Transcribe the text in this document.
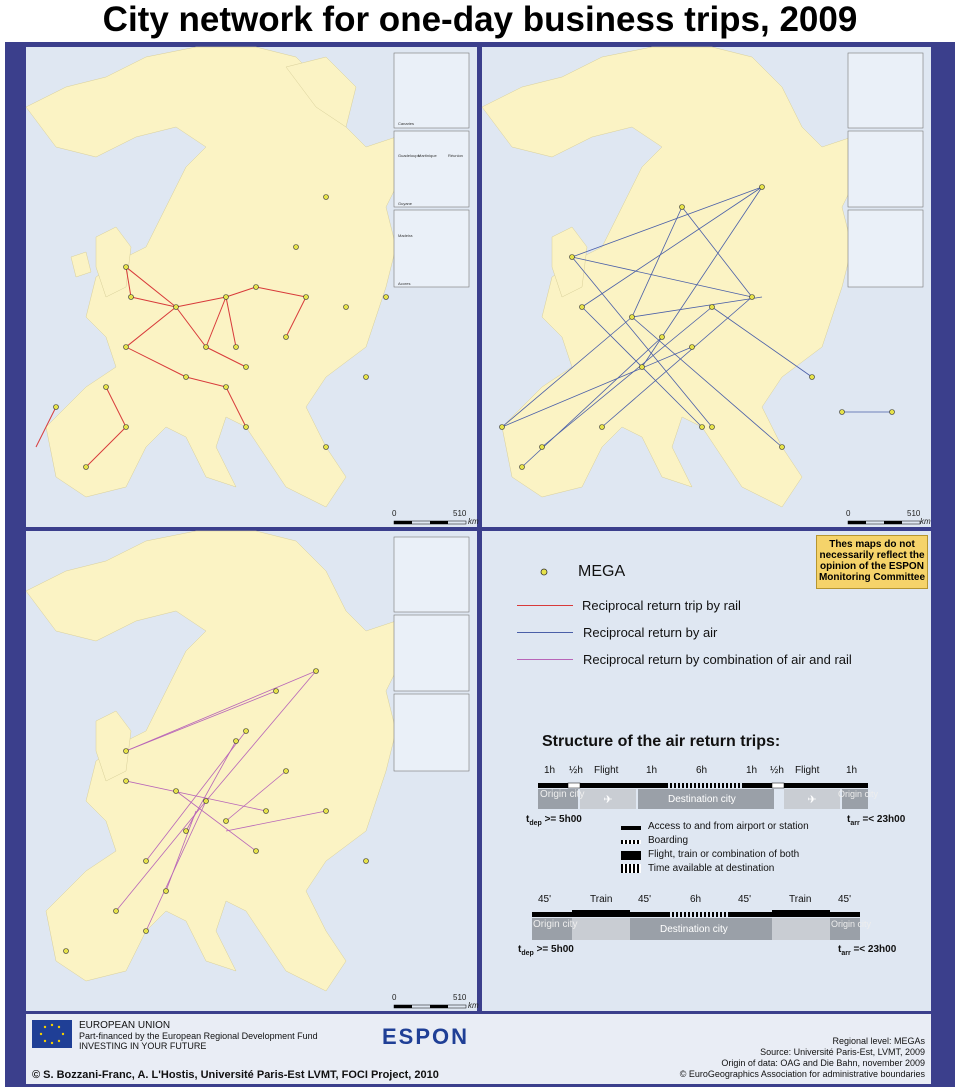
City network for one-day business trips, 2009
Canaries
Guadeloupe
Martinique	Réunion
Guyane
Madeira
Acores
0	510
km
0	510
km
0	510
km
Thes maps do not necessarily reflect the opinion of the ESPON Monitoring Committee
MEGA
Reciprocal return trip by rail
Reciprocal return by air
Reciprocal return by combination of air and rail
Structure of the air return trips:
1h ½h Flight	1h	6h	1h ½h Flight	1h
✈	✈
Origin city	Destination city	Origin city
$t_{dep} >= 5h00$	$t_{arr} =< 23h00$
Access to and from airport or station
Boarding
Flight, train or combination of both
Time available at destination
45'	Train	45'	6h	45'	Train	45'
Origin city	Destination city	Origin city
$t_{dep} >= 5h00$	$t_{arr} =< 23h00$
EUROPEAN UNION
Part-financed by the European Regional Development Fund
INVESTING IN YOUR FUTURE	ESPON
© S. Bozzani-Franc, A. L'Hostis, Université Paris-Est LVMT, FOCI Project, 2010
Regional level: MEGAs
Source: Université Paris-Est, LVMT, 2009
Origin of data: OAG and Die Bahn, november 2009
© EuroGeographics Association for administrative boundaries
